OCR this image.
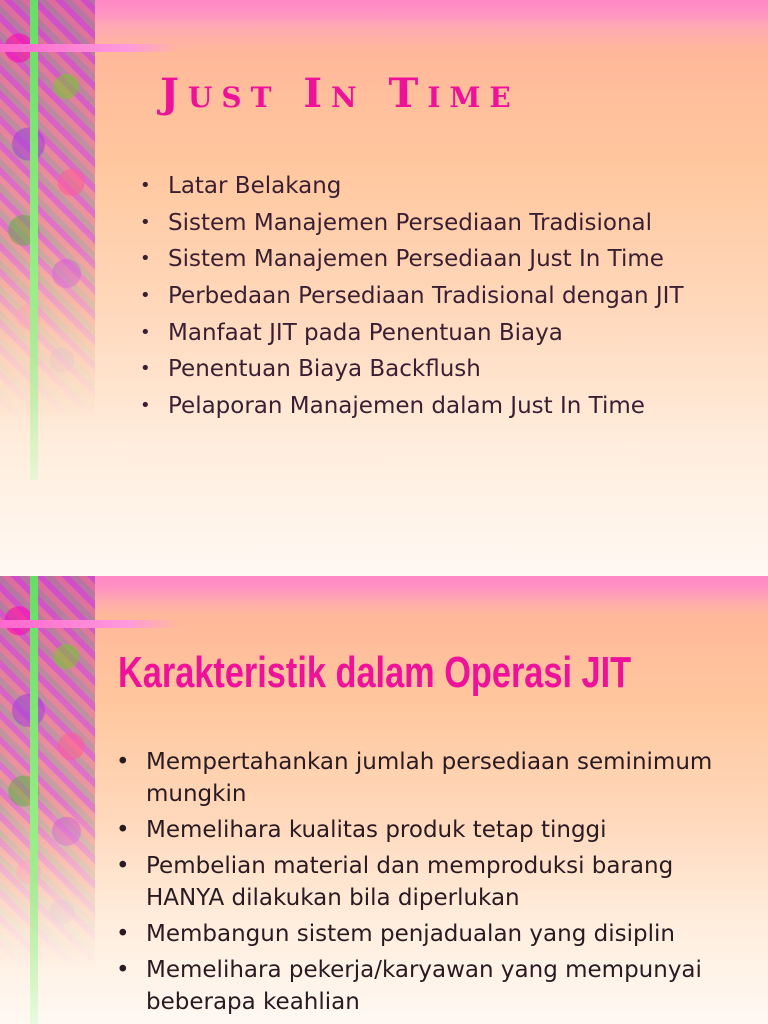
Just In Time
• Latar Belakang
• Sistem Manajemen Persediaan Tradisional
• Sistem Manajemen Persediaan Just In Time
• Perbedaan Persediaan Tradisional dengan JIT
• Manfaat JIT pada Penentuan Biaya
• Penentuan Biaya Backflush
• Pelaporan Manajemen dalam Just In Time
Karakteristik dalam Operasi JIT
• Mempertahankan jumlah persediaan seminimum mungkin
• Memelihara kualitas produk tetap tinggi
• Pembelian material dan memproduksi barang HANYA dilakukan bila diperlukan
• Membangun sistem penjadualan yang disiplin
• Memelihara pekerja/karyawan yang mempunyai beberapa keahlian
